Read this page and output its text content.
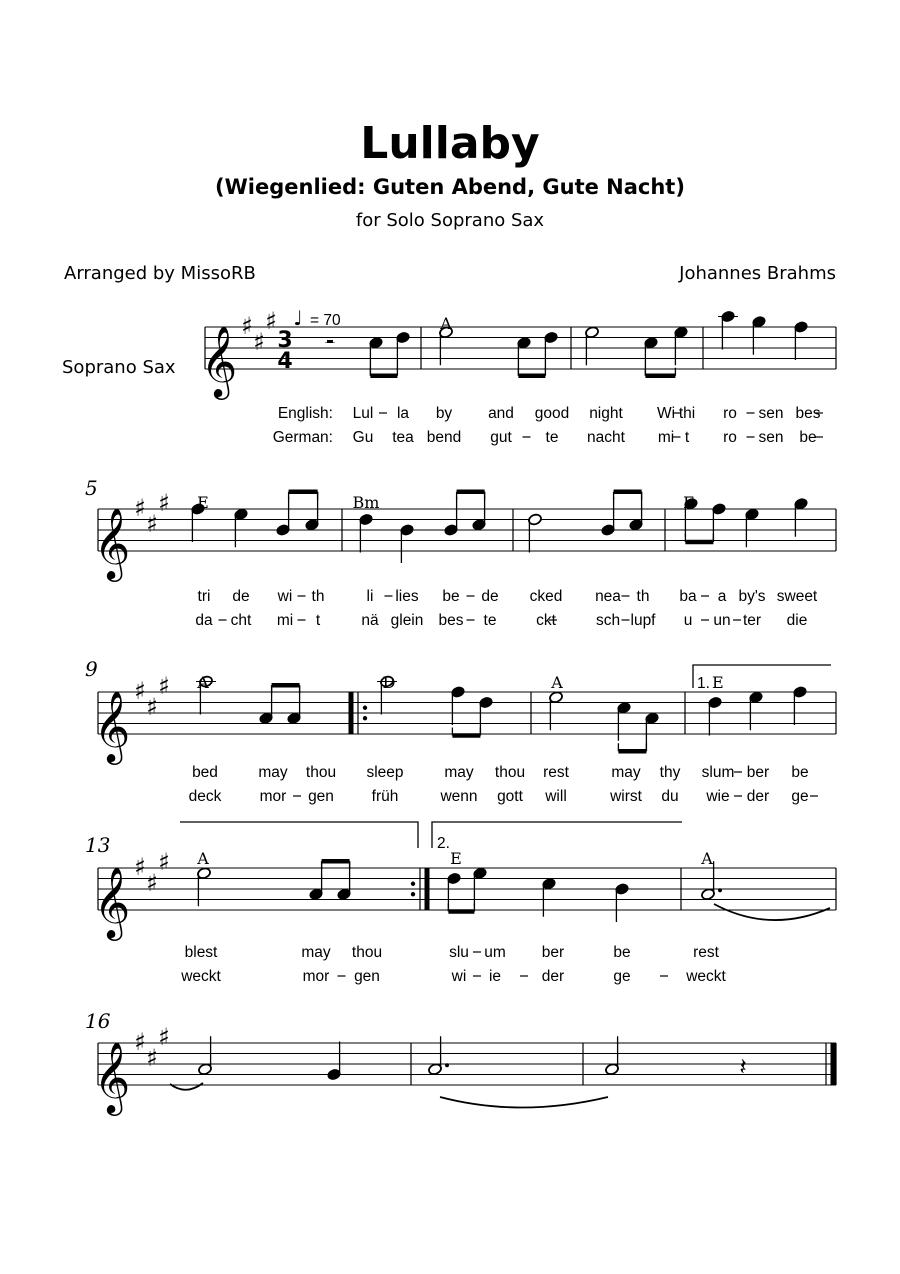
Lullaby
(Wiegenlied: Guten Abend, Gute Nacht)
for Solo Soprano Sax
Arranged by MissoRB	Johannes Brahms
Soprano Sax 𝄞 ♯
♯
♯
𝄞 ♯
♯
♯
𝄞 ♯
♯
♯
𝄞 ♯
♯
♯
𝄞 ♯
♯
♯
3
4
♩
𝄼
𝄽
= 70
1.
2.
5
9
13
16
A
E	Bm	E
A	D	A	E
A	E	A
English:
German:
Lul la by and good night Wi thi ro sen bes
Gu tea bend gut te nacht mi t ro sen be
tri de wi th	li lies be de cked nea th ba a by's sweet
da cht mi t	nä glein bes te	ckt	sch lupf u un ter die
bed	may thou sleep	may thou rest	may thy slum ber be
deck mor gen früh	wenn gott will	wirst du wie der ge
blest	may thou	slu um ber	be	rest
weckt	mor gen	wi ie	der	ge	weckt
